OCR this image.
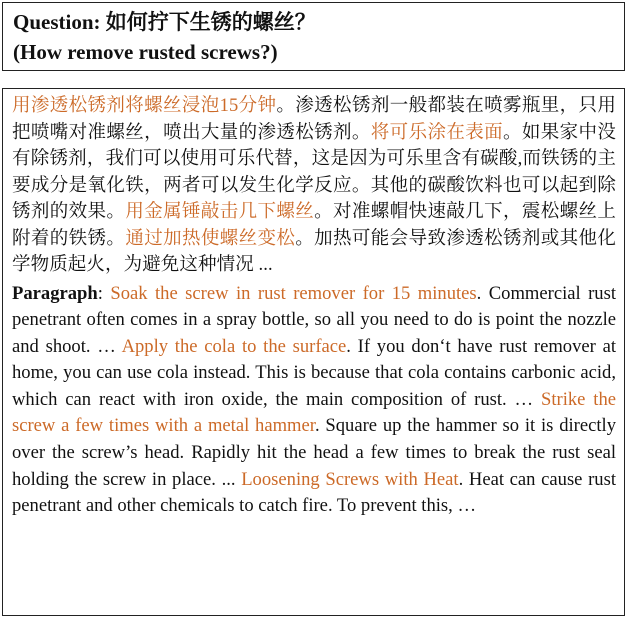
Question: 如何拧下生锈的螺丝？
(How remove rusted screws?)
用渗透松锈剂将螺丝浸泡15分钟。渗透松锈剂一般都装在喷雾瓶里，只用把喷嘴对准螺丝，喷出大量的渗透松锈剂。将可乐涂在表面。如果家中没有除锈剂，我们可以使用可乐代替，这是因为可乐里含有碳酸,而铁锈的主要成分是氧化铁，两者可以发生化学反应。其他的碳酸饮料也可以起到除锈剂的效果。用金属锤敲击几下螺丝。对准螺帽快速敲几下，震松螺丝上附着的铁锈。通过加热使螺丝变松。加热可能会导致渗透松锈剂或其他化学物质起火，为避免这种情况 ...
Paragraph: Soak the screw in rust remover for 15 minutes. Commercial rust penetrant often comes in a spray bottle, so all you need to do is point the nozzle and shoot. … Apply the cola to the surface. If you don‘t have rust remover at home, you can use cola instead. This is because that cola contains carbonic acid, which can react with iron oxide, the main composition of rust. … Strike the screw a few times with a metal hammer. Square up the hammer so it is directly over the screw’s head. Rapidly hit the head a few times to break the rust seal holding the screw in place. ... Loosening Screws with Heat. Heat can cause rust penetrant and other chemicals to catch fire. To prevent this, …
